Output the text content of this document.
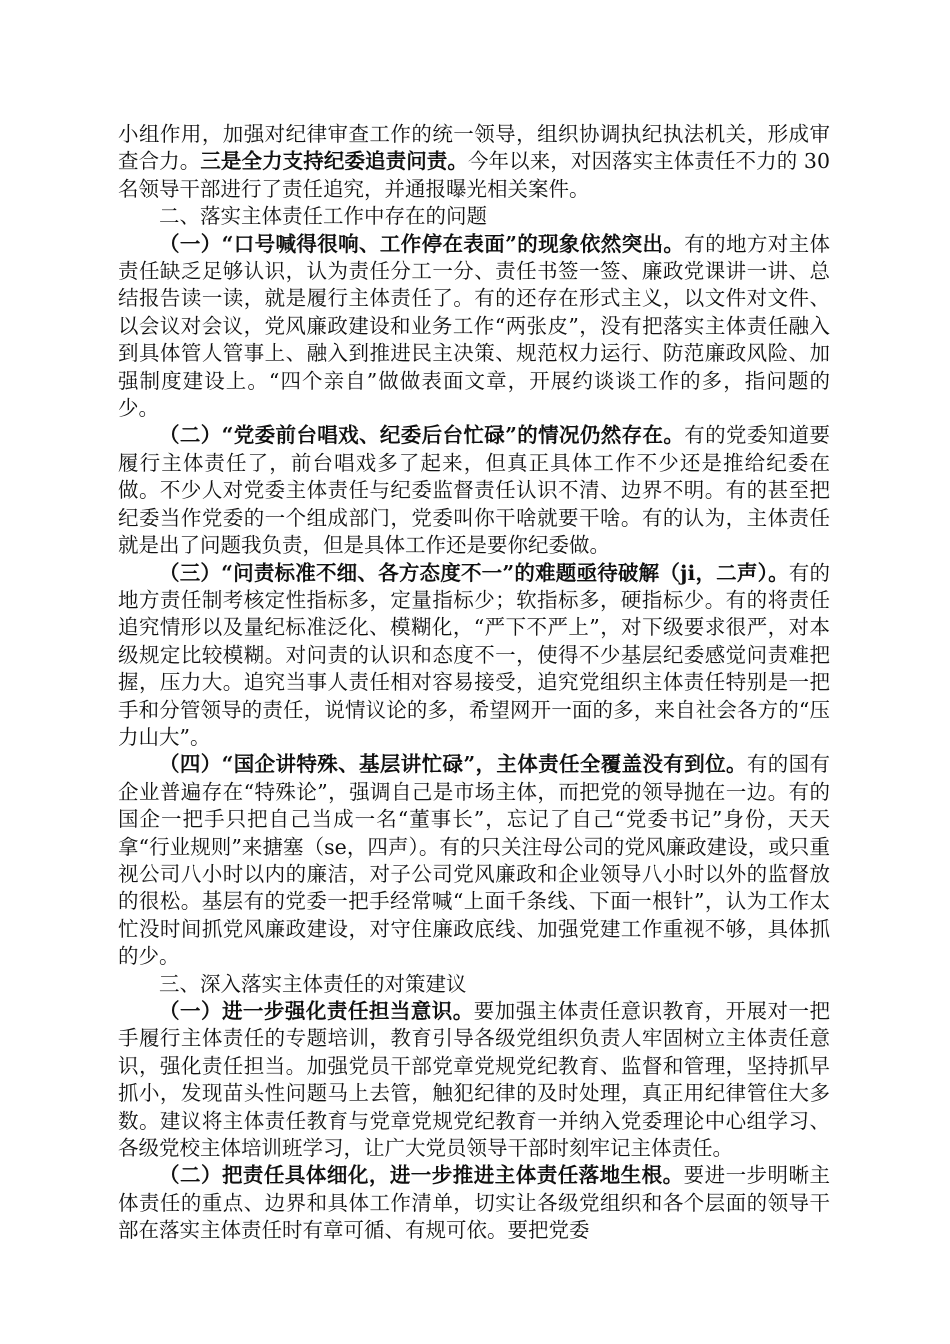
小组作用，加强对纪律审查工作的统一领导，组织协调执纪执法机关，形成审查合力。三是全力支持纪委追责问责。今年以来，对因落实主体责任不力的 30 名领导干部进行了责任追究，并通报曝光相关案件。

二、落实主体责任工作中存在的问题

（一）“口号喊得很响、工作停在表面”的现象依然突出。有的地方对主体责任缺乏足够认识，认为责任分工一分、责任书签一签、廉政党课讲一讲、总结报告读一读，就是履行主体责任了。有的还存在形式主义，以文件对文件、以会议对会议，党风廉政建设和业务工作“两张皮”，没有把落实主体责任融入到具体管人管事上、融入到推进民主决策、规范权力运行、防范廉政风险、加强制度建设上。“四个亲自”做做表面文章，开展约谈谈工作的多，指问题的少。

（二）“党委前台唱戏、纪委后台忙碌”的情况仍然存在。有的党委知道要履行主体责任了，前台唱戏多了起来，但真正具体工作不少还是推给纪委在做。不少人对党委主体责任与纪委监督责任认识不清、边界不明。有的甚至把纪委当作党委的一个组成部门，党委叫你干啥就要干啥。有的认为，主体责任就是出了问题我负责，但是具体工作还是要你纪委做。

（三）“问责标准不细、各方态度不一”的难题亟待破解（ji，二声）。有的地方责任制考核定性指标多，定量指标少；软指标多，硬指标少。有的将责任追究情形以及量纪标准泛化、模糊化，“严下不严上”，对下级要求很严，对本级规定比较模糊。对问责的认识和态度不一，使得不少基层纪委感觉问责难把握，压力大。追究当事人责任相对容易接受，追究党组织主体责任特别是一把手和分管领导的责任，说情议论的多，希望网开一面的多，来自社会各方的“压力山大”。

（四）“国企讲特殊、基层讲忙碌”，主体责任全覆盖没有到位。有的国有企业普遍存在“特殊论”，强调自己是市场主体，而把党的领导抛在一边。有的国企一把手只把自己当成一名“董事长”，忘记了自己“党委书记”身份，天天拿“行业规则”来搪塞（se，四声）。有的只关注母公司的党风廉政建设，或只重视公司八小时以内的廉洁，对子公司党风廉政和企业领导八小时以外的监督放的很松。基层有的党委一把手经常喊“上面千条线、下面一根针”，认为工作太忙没时间抓党风廉政建设，对守住廉政底线、加强党建工作重视不够，具体抓的少。

三、深入落实主体责任的对策建议

（一）进一步强化责任担当意识。要加强主体责任意识教育，开展对一把手履行主体责任的专题培训，教育引导各级党组织负责人牢固树立主体责任意识，强化责任担当。加强党员干部党章党规党纪教育、监督和管理，坚持抓早抓小，发现苗头性问题马上去管，触犯纪律的及时处理，真正用纪律管住大多数。建议将主体责任教育与党章党规党纪教育一并纳入党委理论中心组学习、各级党校主体培训班学习，让广大党员领导干部时刻牢记主体责任。

（二）把责任具体细化，进一步推进主体责任落地生根。要进一步明晰主体责任的重点、边界和具体工作清单，切实让各级党组织和各个层面的领导干部在落实主体责任时有章可循、有规可依。要把党委
